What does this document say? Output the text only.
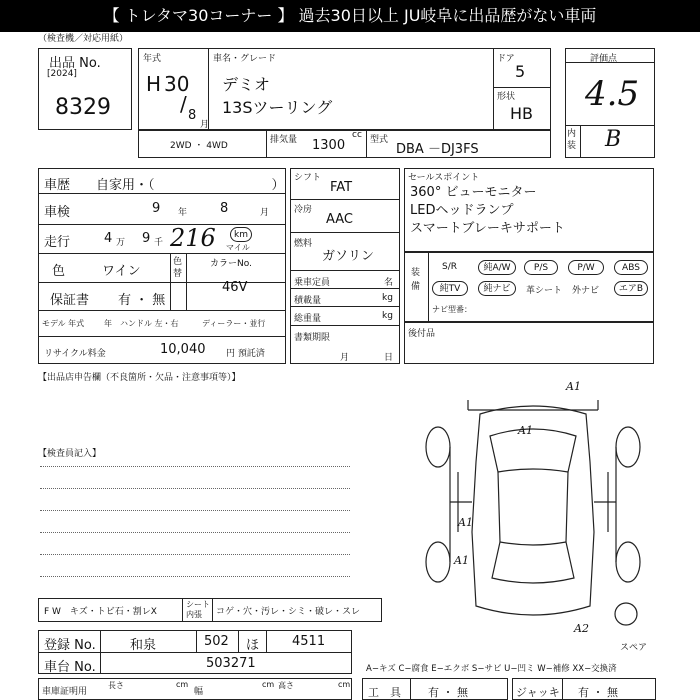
【 トレタマ30コーナー 】 過去30日以上 JU岐阜に出品歴がない車両
（検査機／対応用紙）
出品 No.
[2024]
8329
年式
H 30
/ 8
月
車名・グレード
デミオ
13Sツーリング
ドア
5
形状
HB
評価点
4.5
内装 B
2WD ・ 4WD
排気量 1300
cc 型式
DBA －DJ3FS
車歴 自家用・（　　　　　　　　　）
車検	9 年	8	月
走行	4 万 9 千 216	km
マイル
色	ワイン
色替
カラーNo.
46V
保証書 有 ・ 無
モデル 年式 年 ハンドル 左・右	ディーラー・並行
リサイクル料金	10,040 円 預託済
シフト
FAT
冷房
AAC
燃料
ガソリン
乗車定員	名
積載量	kg
総重量	kg
書類期限
月	日
セールスポイント
360° ビューモニター
LEDヘッドランプ
スマートブレーキサポート
装備
S/R	純A/W	P/S	P/W	ABS
純TV	純ナビ	革シート 外ナビ	エアB
ナビ型番：
後付品
【出品店申告欄（不良箇所・欠品・注意事項等）】
【検査員記入】
A1
A1
A1
A1
A2
スペア
F W　キズ・トビ石・割レX
シート 内張	コゲ・穴・汚レ・シミ・破レ・スレ
登録 No.	和泉	502 ほ	4511
車台 No.	503271	A−キズ C−腐食 E−エクボ S−サビ U−凹ミ W−補修 XX−交換済
車庫証明用
長さ	cm
幅
cm 高さ	cm
工　具 有 ・ 無	ジャッキ 有 ・ 無
